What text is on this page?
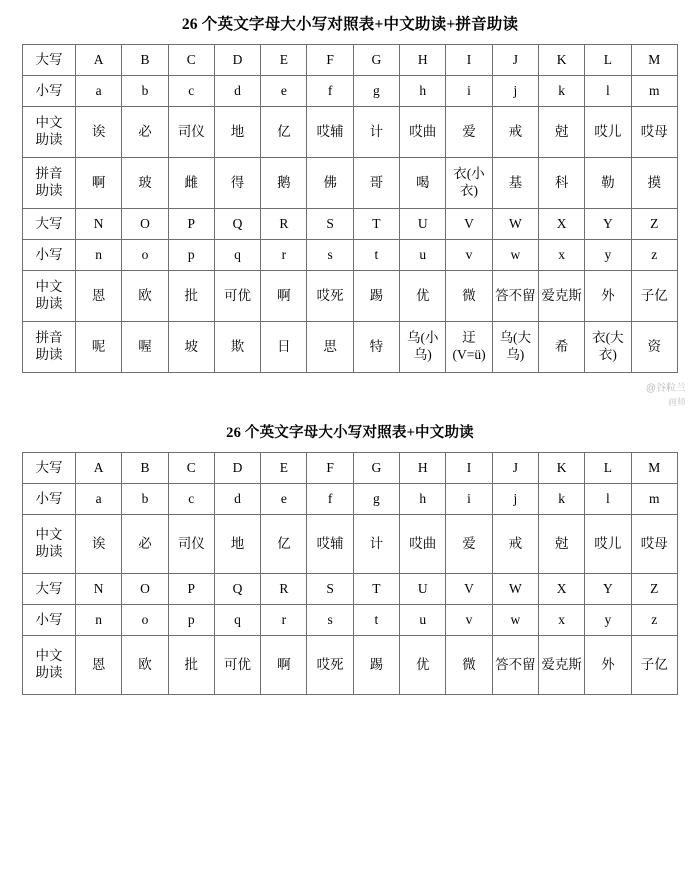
26 个英文字母大小写对照表+中文助读+拼音助读
大写	A	B	C	D	E	F	G	H	I	J	K	L	M
小写	a	b	c	d	e	f	g	h	i	j	k	l	m

中文
助读	诶	必	司仪	地	亿	哎辅	计	哎曲	爱	戒	尅	哎儿	哎母

拼音
助读	啊	玻	雌	得	鹅	佛	哥	喝	衣(小衣)	基	科	勒	摸
大写	N	O	P	Q	R	S	T	U	V	W	X	Y	Z
小写	n	o	p	q	r	s	t	u	v	w	x	y	z

中文
助读	恩	欧	批	可优	啊	哎死	踢	优	微	答不留	爱克斯	外	子亿

拼音
助读	呢	喔	坡	欺	日	思	特	乌(小乌)	迂(V=ü)	乌(大乌)	希	衣(大衣)	资
@谷粒兰
画师
26 个英文字母大小写对照表+中文助读
大写	A	B	C	D	E	F	G	H	I	J	K	L	M
小写	a	b	c	d	e	f	g	h	i	j	k	l	m

中文
助读	诶	必	司仪	地	亿	哎辅	计	哎曲	爱	戒	尅	哎儿	哎母
大写	N	O	P	Q	R	S	T	U	V	W	X	Y	Z
小写	n	o	p	q	r	s	t	u	v	w	x	y	z

中文
助读	恩	欧	批	可优	啊	哎死	踢	优	微	答不留	爱克斯	外	子亿
